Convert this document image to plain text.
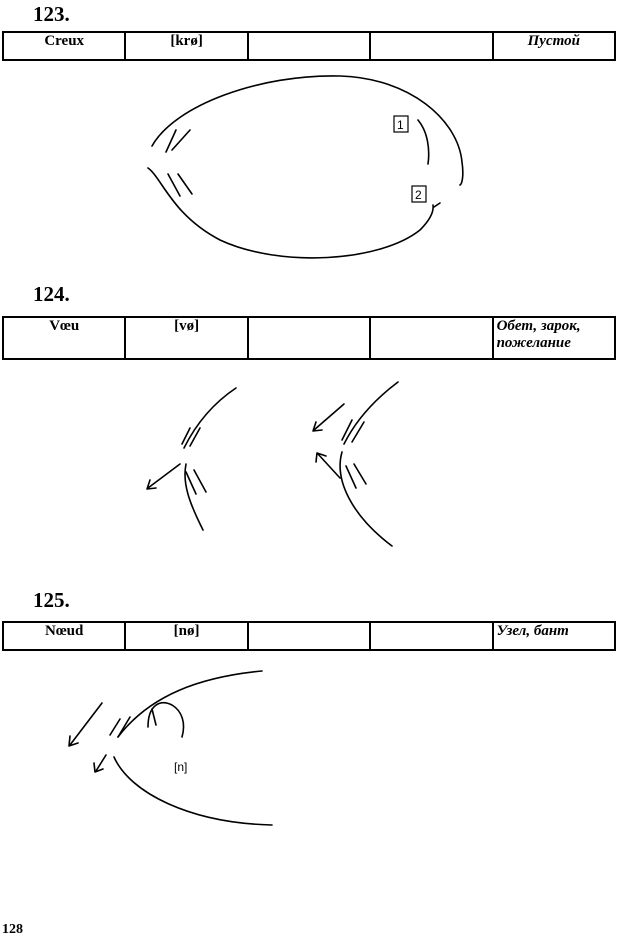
123.
Creux	[krø]			Пустой
1
2
124.
Vœu	[vø]			Обет, зарок,
пожелание
125.
Nœud	[nø]			Узел, бант
[n]
128
